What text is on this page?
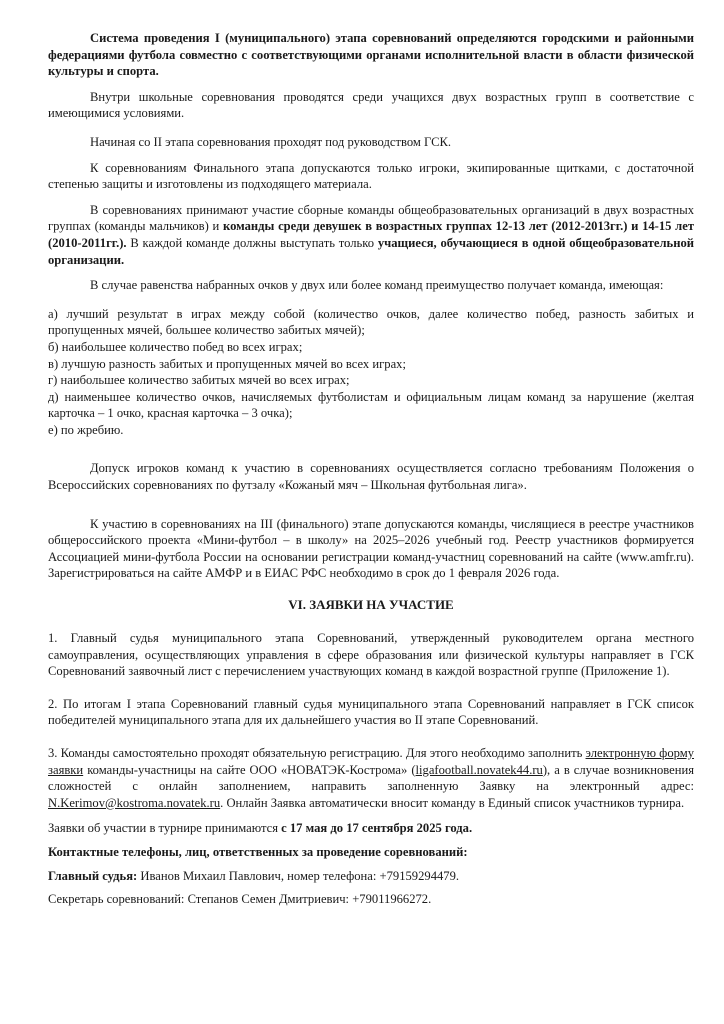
Система проведения I (муниципального) этапа соревнований определяются городскими и районными федерациями футбола совместно с соответствующими органами исполнительной власти в области физической культуры и спорта.

Внутри школьные соревнования проводятся среди учащихся двух возрастных групп в соответствие с имеющимися условиями.

Начиная со II этапа соревнования проходят под руководством ГСК.

К соревнованиям Финального этапа допускаются только игроки, экипированные щитками, с достаточной степенью защиты и изготовлены из подходящего материала.

В соревнованиях принимают участие сборные команды общеобразовательных организаций в двух возрастных группах (команды мальчиков) и команды среди девушек в возрастных группах 12-13 лет (2012-2013гг.) и 14-15 лет (2010-2011гг.). В каждой команде должны выступать только учащиеся, обучающиеся в одной общеобразовательной организации.

В случае равенства набранных очков у двух или более команд преимущество получает команда, имеющая:

а) лучший результат в играх между собой (количество очков, далее количество побед, разность забитых и пропущенных мячей, большее количество забитых мячей);

б) наибольшее количество побед во всех играх;

в) лучшую разность забитых и пропущенных мячей во всех играх;

г) наибольшее количество забитых мячей во всех играх;

д) наименьшее количество очков, начисляемых футболистам и официальным лицам команд за нарушение (желтая карточка – 1 очко, красная карточка – 3 очка);

е) по жребию.

Допуск игроков команд к участию в соревнованиях осуществляется согласно требованиям Положения о Всероссийских соревнованиях по футзалу «Кожаный мяч – Школьная футбольная лига».

К участию в соревнованиях на III (финального) этапе допускаются команды, числящиеся в реестре участников общероссийского проекта «Мини-футбол – в школу» на 2025–2026 учебный год. Реестр участников формируется Ассоциацией мини-футбола России на основании регистрации команд-участниц соревнований на сайте (www.amfr.ru). Зарегистрироваться на сайте АМФР и в ЕИАС РФС необходимо в срок до 1 февраля 2026 года.

VI. ЗАЯВКИ НА УЧАСТИЕ

1. Главный судья муниципального этапа Соревнований, утвержденный руководителем органа местного самоуправления, осуществляющих управления в сфере образования или физической культуры направляет в ГСК Соревнований заявочный лист с перечислением участвующих команд в каждой возрастной группе (Приложение 1).

2. По итогам I этапа Соревнований главный судья муниципального этапа Соревнований направляет в ГСК список победителей муниципального этапа для их дальнейшего участия во II этапе Соревнований.

3. Команды самостоятельно проходят обязательную регистрацию. Для этого необходимо заполнить электронную форму заявки команды-участницы на сайте ООО «НОВАТЭК-Кострома» (ligafootball.novatek44.ru), а в случае возникновения сложностей с онлайн заполнением, направить заполненную Заявку на электронный адрес: N.Kerimov@kostroma.novatek.ru. Онлайн Заявка автоматически вносит команду в Единый список участников турнира.

Заявки об участии в турнире принимаются с 17 мая до 17 сентября 2025 года.

Контактные телефоны, лиц, ответственных за проведение соревнований:

Главный судья: Иванов Михаил Павлович, номер телефона: +79159294479.

Секретарь соревнований: Степанов Семен Дмитриевич: +79011966272.
